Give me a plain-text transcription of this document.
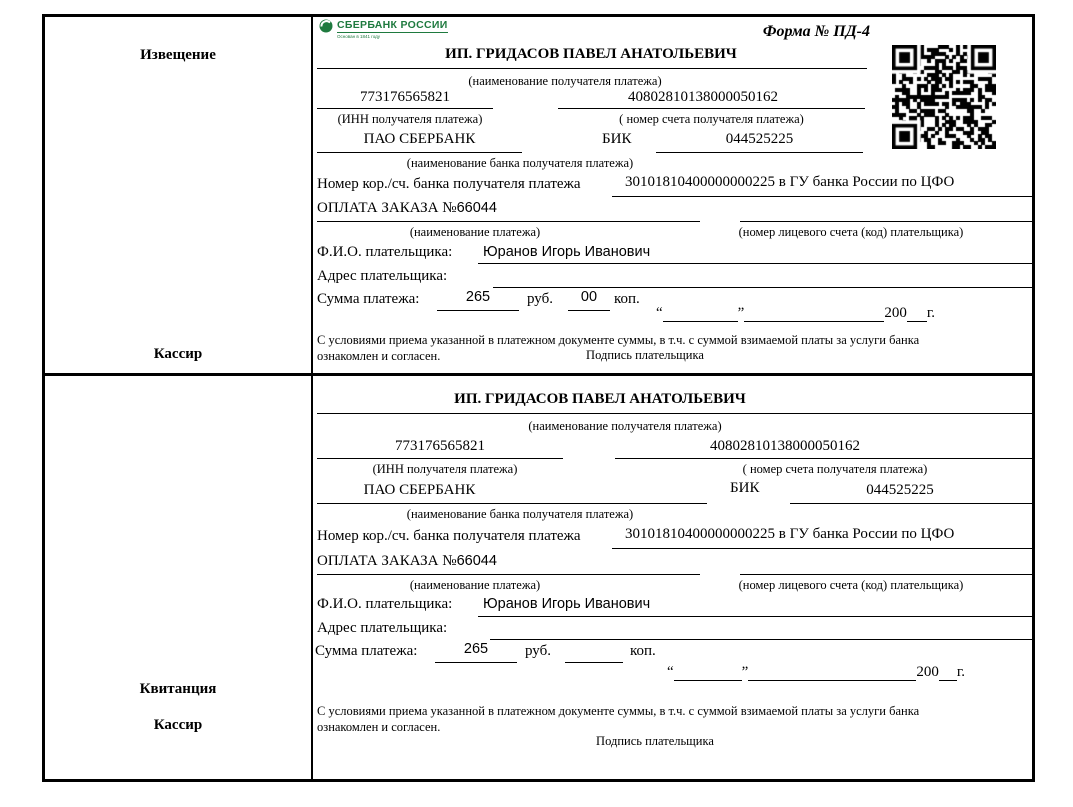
Извещение
Кассир
СБЕРБАНК РОССИИ
Основан в 1841 году	Форма № ПД-4
ИП. ГРИДАСОВ ПАВЕЛ АНАТОЛЬЕВИЧ
(наименование получателя платежа)
773176565821	40802810138000050162
(ИНН получателя платежа)	( номер счета получателя платежа)
ПАО СБЕРБАНК	БИК	044525225
(наименование банка получателя платежа)
Номер кор./сч. банка получателя платежа	30101810400000000225 в ГУ банка России по ЦФО
ОПЛАТА ЗАКАЗА №66044
(наименование платежа)	(номер лицевого счета (код) плательщика)
Ф.И.О. плательщика: Юранов Игорь Иванович
Адрес плательщика:
Сумма платежа:	265	руб.	00	коп.
“	”	200 г.
С условиями приема указанной в платежном документе суммы, в т.ч. с суммой взимаемой платы за услуги банка
ознакомлен и согласен.	Подпись плательщика
Квитанция
Кассир
ИП. ГРИДАСОВ ПАВЕЛ АНАТОЛЬЕВИЧ
(наименование получателя платежа)
773176565821	40802810138000050162
(ИНН получателя платежа)	( номер счета получателя платежа)
ПАО СБЕРБАНК	БИК	044525225
(наименование банка получателя платежа)
Номер кор./сч. банка получателя платежа	30101810400000000225 в ГУ банка России по ЦФО
ОПЛАТА ЗАКАЗА №66044
(наименование платежа)	(номер лицевого счета (код) плательщика)
Ф.И.О. плательщика: Юранов Игорь Иванович
Адрес плательщика:
Сумма платежа:	265	руб.	коп.
“	”	200 г.
С условиями приема указанной в платежном документе суммы, в т.ч. с суммой взимаемой платы за услуги банка
ознакомлен и согласен.
Подпись плательщика
